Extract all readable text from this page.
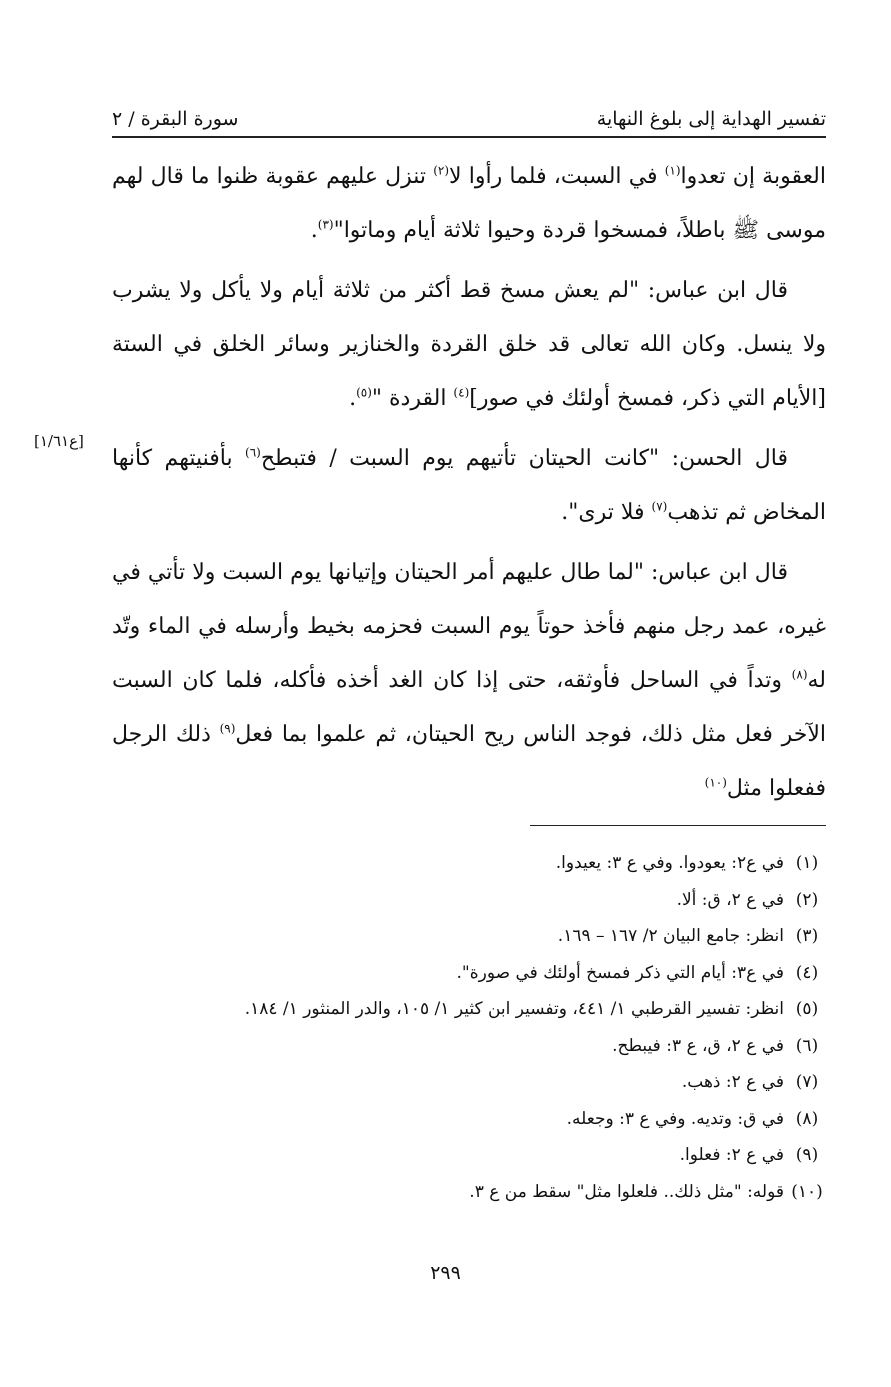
تفسير الهداية إلى بلوغ النهاية
سورة البقرة / ٢

العقوبة إن تعدوا$^{(١)}$ في السبت، فلما رأوا لا$^{(٢)}$ تنزل عليهم عقوبة ظنوا ما قال لهم موسى ﷺ باطلاً، فمسخوا قردة وحيوا ثلاثة أيام وماتوا"$^{(٣)}$.

قال ابن عباس: "لم يعش مسخ قط أكثر من ثلاثة أيام ولا يأكل ولا يشرب ولا ينسل. وكان الله تعالى قد خلق القردة والخنازير وسائر الخلق في الستة [الأيام التي ذكر، فمسخ أولئك في صور]$^{(٤)}$ القردة "$^{(٥)}$.

قال الحسن: "كانت الحيتان تأتيهم يوم السبت / فتبطح$^{(٦)}$ بأفنيتهم كأنها المخاض ثم تذهب$^{(٧)}$ فلا ترى".

قال ابن عباس: "لما طال عليهم أمر الحيتان وإتيانها يوم السبت ولا تأتي في غيره، عمد رجل منهم فأخذ حوتاً يوم السبت فحزمه بخيط وأرسله في الماء وتّد له$^{(٨)}$ وتداً في الساحل فأوثقه، حتى إذا كان الغد أخذه فأكله، فلما كان السبت الآخر فعل مثل ذلك، فوجد الناس ريح الحيتان، ثم علموا بما فعل$^{(٩)}$ ذلك الرجل ففعلوا مثل$^{(١٠)}$

[ع١/٦١]
(١)
في ع٢: يعودوا. وفي ع ٣: يعيدوا.
(٢)
في ع ٢، ق: ألا.
(٣)
انظر: جامع البيان ٢/ ١٦٧ – ١٦٩.
(٤)
في ع٣: أيام التي ذكر فمسخ أولئك في صورة".
(٥)
انظر: تفسير القرطبي ١/ ٤٤١، وتفسير ابن كثير ١/ ١٠٥، والدر المنثور ١/ ١٨٤.
(٦)
في ع ٢، ق، ع ٣: فيبطح.
(٧)
في ع ٢: ذهب.
(٨)
في ق: وتديه. وفي ع ٣: وجعله.
(٩)
في ع ٢: فعلوا.
(١٠)
قوله: "مثل ذلك.. فلعلوا مثل" سقط من ع ٣.
٢٩٩
